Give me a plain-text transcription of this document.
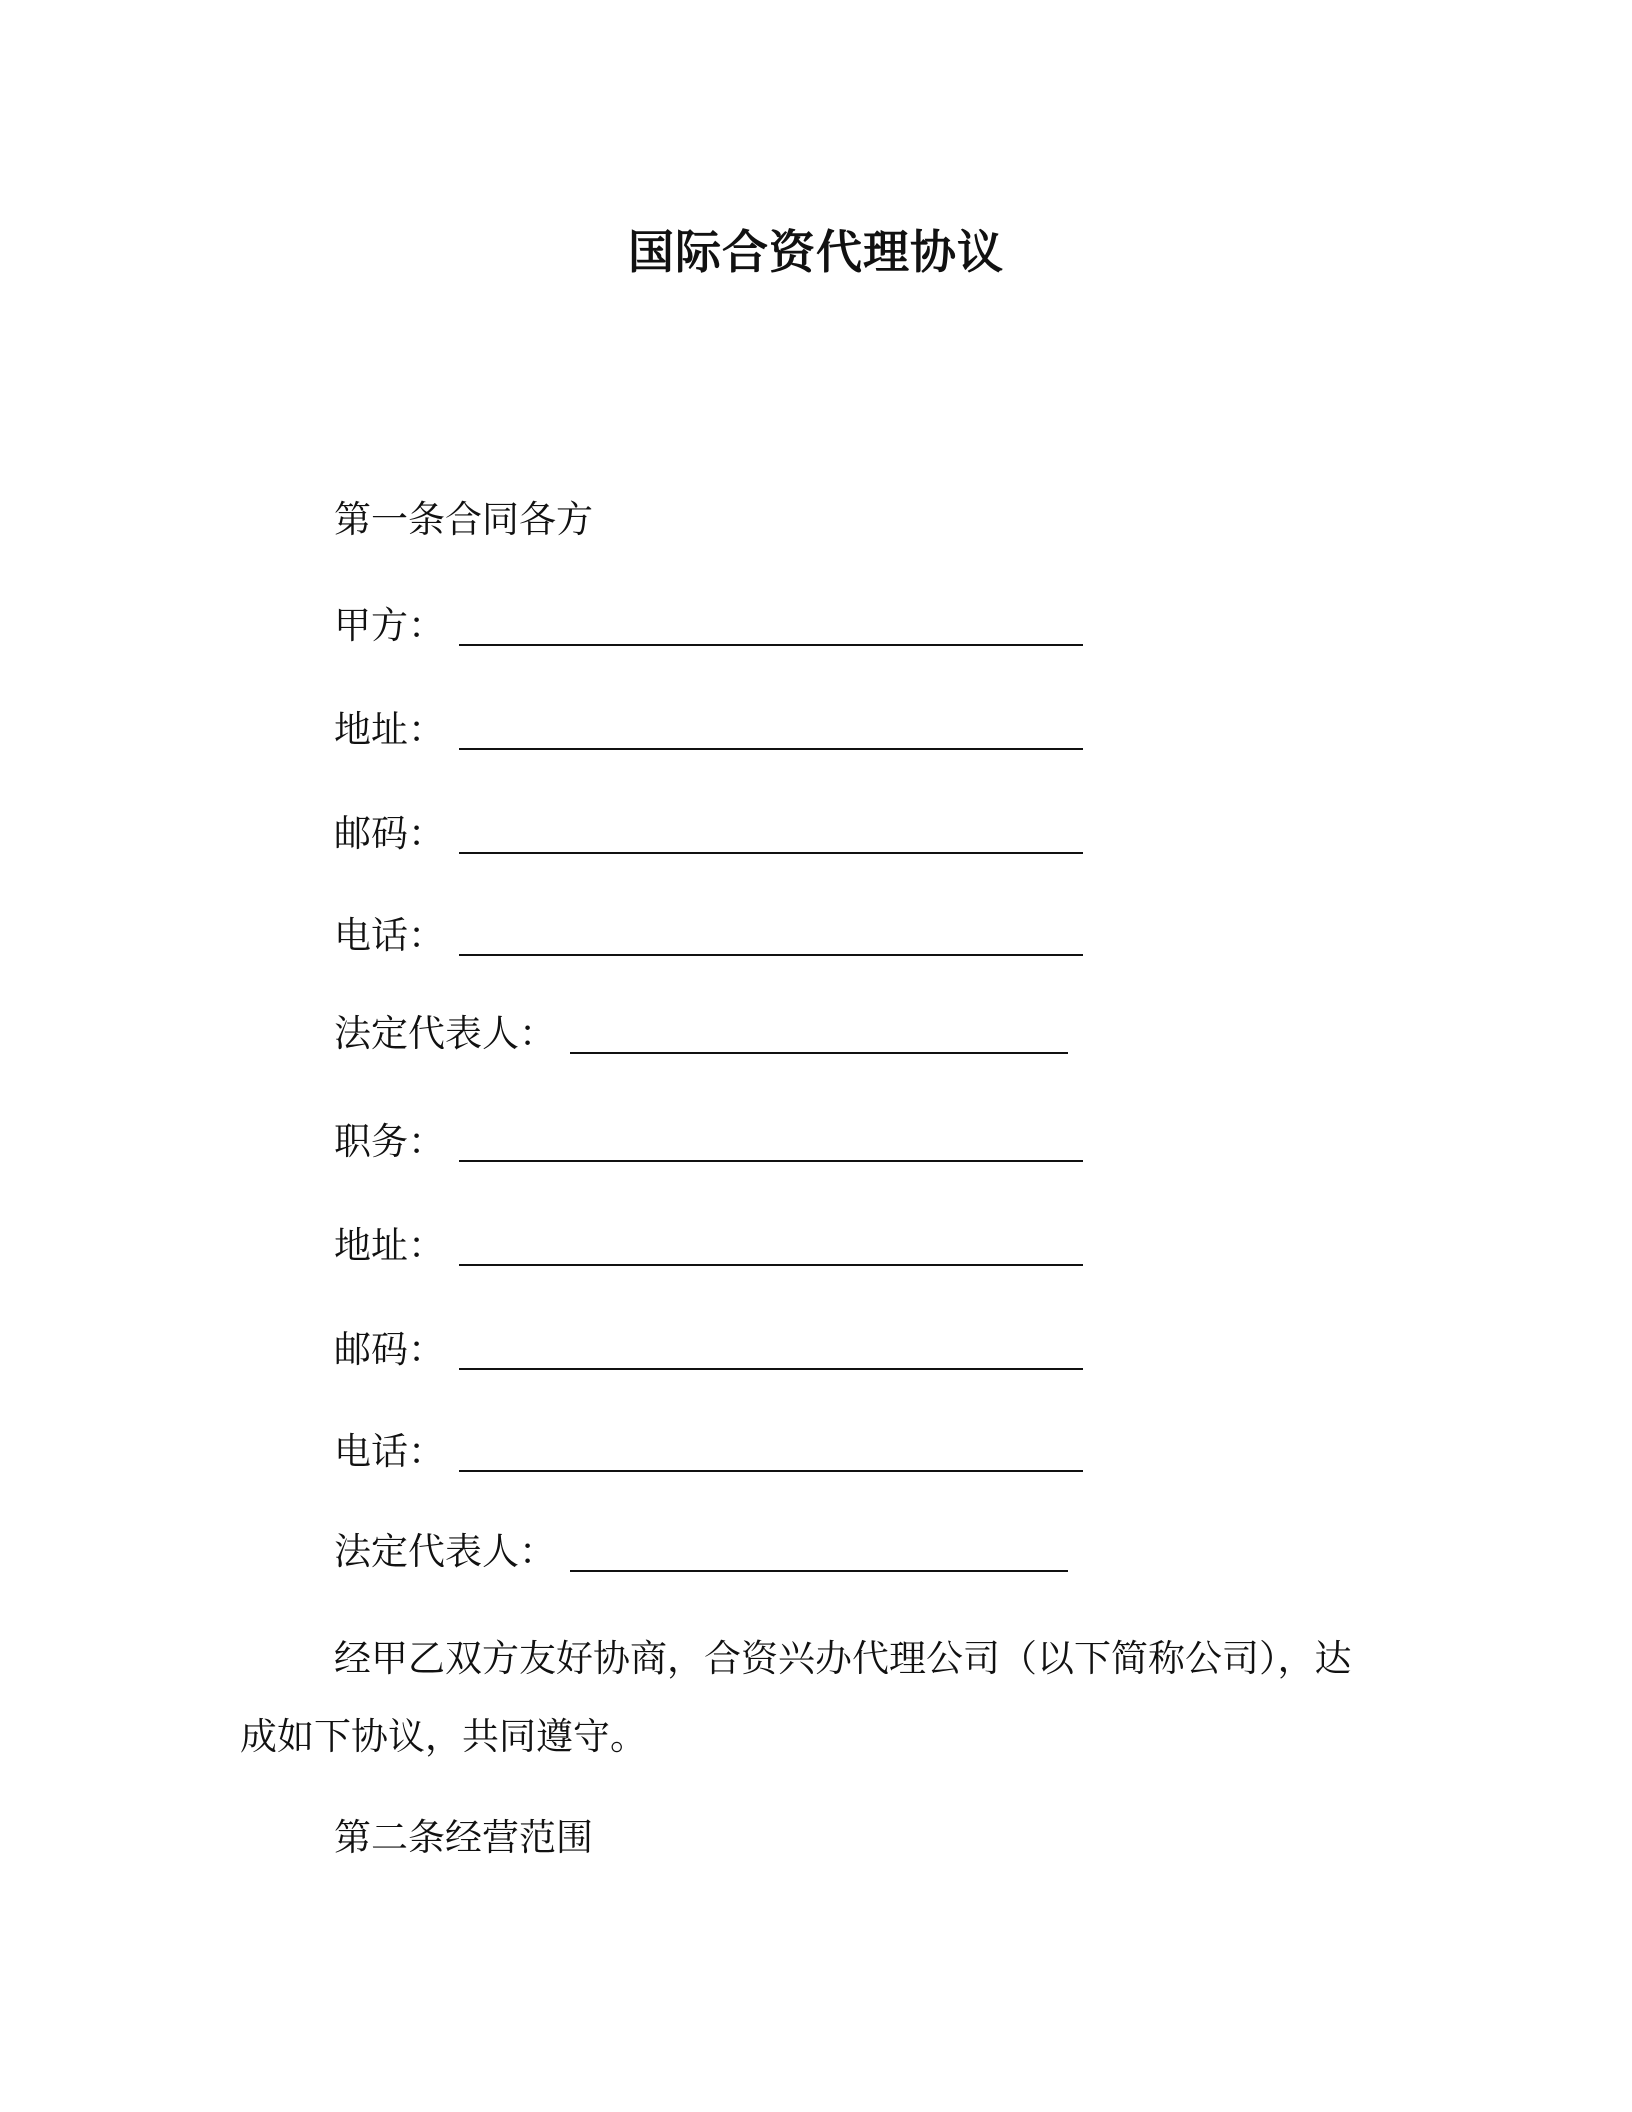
国际合资代理协议
第一条合同各方
甲方：
地址：
邮码：
电话：
法定代表人：
职务：
地址：
邮码：
电话：
法定代表人：
经甲乙双方友好协商，合资兴办代理公司（以下简称公司），达成如下协议，共同遵守。
第二条经营范围
